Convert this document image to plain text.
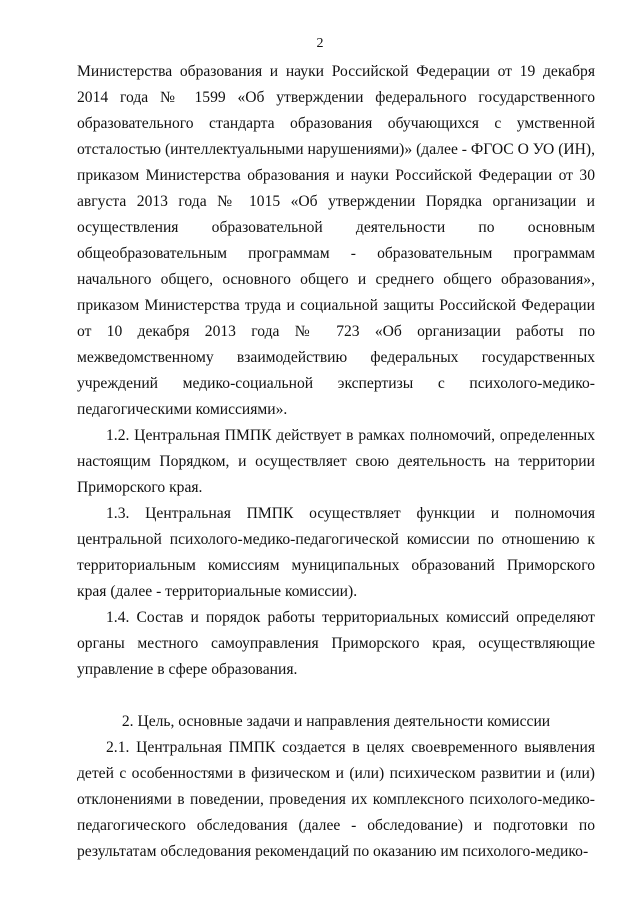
2

Министерства образования и науки Российской Федерации от 19 декабря 2014 года № 1599 «Об утверждении федерального государственного образовательного стандарта образования обучающихся с умственной отсталостью (интеллектуальными нарушениями)» (далее - ФГОС О УО (ИН), приказом Министерства образования и науки Российской Федерации от 30 августа 2013 года № 1015 «Об утверждении Порядка организации и осуществления образовательной деятельности по основным общеобразовательным программам - образовательным программам начального общего, основного общего и среднего общего образования», приказом Министерства труда и социальной защиты Российской Федерации от 10 декабря 2013 года № 723 «Об организации работы по межведомственному взаимодействию федеральных государственных учреждений медико-социальной экспертизы с психолого-медико-педагогическими комиссиями».

1.2. Центральная ПМПК действует в рамках полномочий, определенных настоящим Порядком, и осуществляет свою деятельность на территории Приморского края.

1.3. Центральная ПМПК осуществляет функции и полномочия центральной психолого-медико-педагогической комиссии по отношению к территориальным комиссиям муниципальных образований Приморского края (далее - территориальные комиссии).

1.4. Состав и порядок работы территориальных комиссий определяют органы местного самоуправления Приморского края, осуществляющие управление в сфере образования.

2. Цель, основные задачи и направления деятельности комиссии

2.1. Центральная ПМПК создается в целях своевременного выявления детей с особенностями в физическом и (или) психическом развитии и (или) отклонениями в поведении, проведения их комплексного психолого-медико-педагогического обследования (далее - обследование) и подготовки по результатам обследования рекомендаций по оказанию им психолого-медико-
